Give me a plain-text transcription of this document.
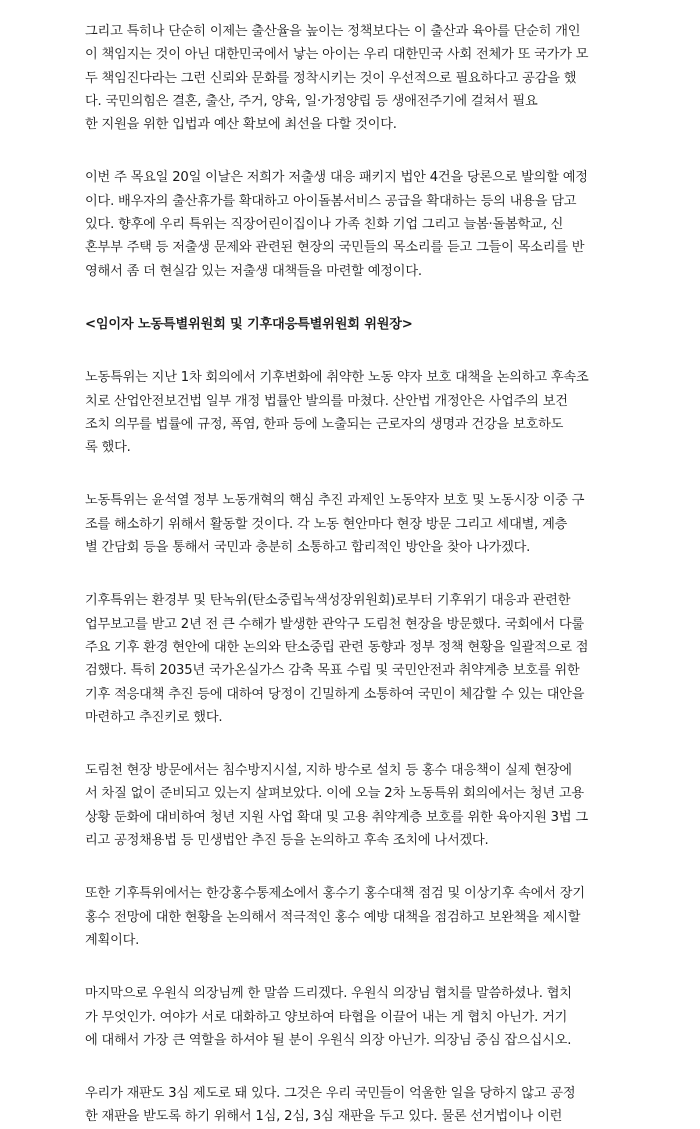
그리고 특히나 단순히 이제는 출산율을 높이는 정책보다는 이 출산과 육아를 단순히 개인
이 책임지는 것이 아닌 대한민국에서 낳는 아이는 우리 대한민국 사회 전체가 또 국가가 모
두 책임진다라는 그런 신뢰와 문화를 정착시키는 것이 우선적으로 필요하다고 공감을 했
다. 국민의힘은 결혼, 출산, 주거, 양육, 일·가정양립 등 생애전주기에 걸쳐서 필요
한 지원을 위한 입법과 예산 확보에 최선을 다할 것이다.
이번 주 목요일 20일 이날은 저희가 저출생 대응 패키지 법안 4건을 당론으로 발의할 예정
이다. 배우자의 출산휴가를 확대하고 아이돌봄서비스 공급을 확대하는 등의 내용을 담고
있다. 향후에 우리 특위는 직장어린이집이나 가족 친화 기업 그리고 늘봄·돌봄학교, 신
혼부부 주택 등 저출생 문제와 관련된 현장의 국민들의 목소리를 듣고 그들이 목소리를 반
영해서 좀 더 현실감 있는 저출생 대책들을 마련할 예정이다.
<임이자 노동특별위원회 및 기후대응특별위원회 위원장>
노동특위는 지난 1차 회의에서 기후변화에 취약한 노동 약자 보호 대책을 논의하고 후속조
치로 산업안전보건법 일부 개정 법률안 발의를 마쳤다. 산안법 개정안은 사업주의 보건
조치 의무를 법률에 규정, 폭염, 한파 등에 노출되는 근로자의 생명과 건강을 보호하도
록 했다.
노동특위는 윤석열 정부 노동개혁의 핵심 추진 과제인 노동약자 보호 및 노동시장 이중 구
조를 해소하기 위해서 활동할 것이다. 각 노동 현안마다 현장 방문 그리고 세대별, 계층
별 간담회 등을 통해서 국민과 충분히 소통하고 합리적인 방안을 찾아 나가겠다.
기후특위는 환경부 및 탄녹위(탄소중립녹색성장위원회)로부터 기후위기 대응과 관련한
업무보고를 받고 2년 전 큰 수해가 발생한 관악구 도림천 현장을 방문했다. 국회에서 다룰
주요 기후 환경 현안에 대한 논의와 탄소중립 관련 동향과 정부 정책 현황을 일괄적으로 점
검했다. 특히 2035년 국가온실가스 감축 목표 수립 및 국민안전과 취약계층 보호를 위한
기후 적응대책 추진 등에 대하여 당정이 긴밀하게 소통하여 국민이 체감할 수 있는 대안을
마련하고 추진키로 했다.
도림천 현장 방문에서는 침수방지시설, 지하 방수로 설치 등 홍수 대응책이 실제 현장에
서 차질 없이 준비되고 있는지 살펴보았다. 이에 오늘 2차 노동특위 회의에서는 청년 고용
상황 둔화에 대비하여 청년 지원 사업 확대 및 고용 취약계층 보호를 위한 육아지원 3법 그
리고 공정채용법 등 민생법안 추진 등을 논의하고 후속 조치에 나서겠다.
또한 기후특위에서는 한강홍수통제소에서 홍수기 홍수대책 점검 및 이상기후 속에서 장기
홍수 전망에 대한 현황을 논의해서 적극적인 홍수 예방 대책을 점검하고 보완책을 제시할
계획이다.
마지막으로 우원식 의장님께 한 말씀 드리겠다. 우원식 의장님 협치를 말씀하셨나. 협치
가 무엇인가. 여야가 서로 대화하고 양보하여 타협을 이끌어 내는 게 협치 아닌가. 거기
에 대해서 가장 큰 역할을 하셔야 될 분이 우원식 의장 아닌가. 의장님 중심 잡으십시오.
우리가 재판도 3심 제도로 돼 있다. 그것은 우리 국민들이 억울한 일을 당하지 않고 공정
한 재판을 받도록 하기 위해서 1심, 2심, 3심 재판을 두고 있다. 물론 선거법이나 이런
